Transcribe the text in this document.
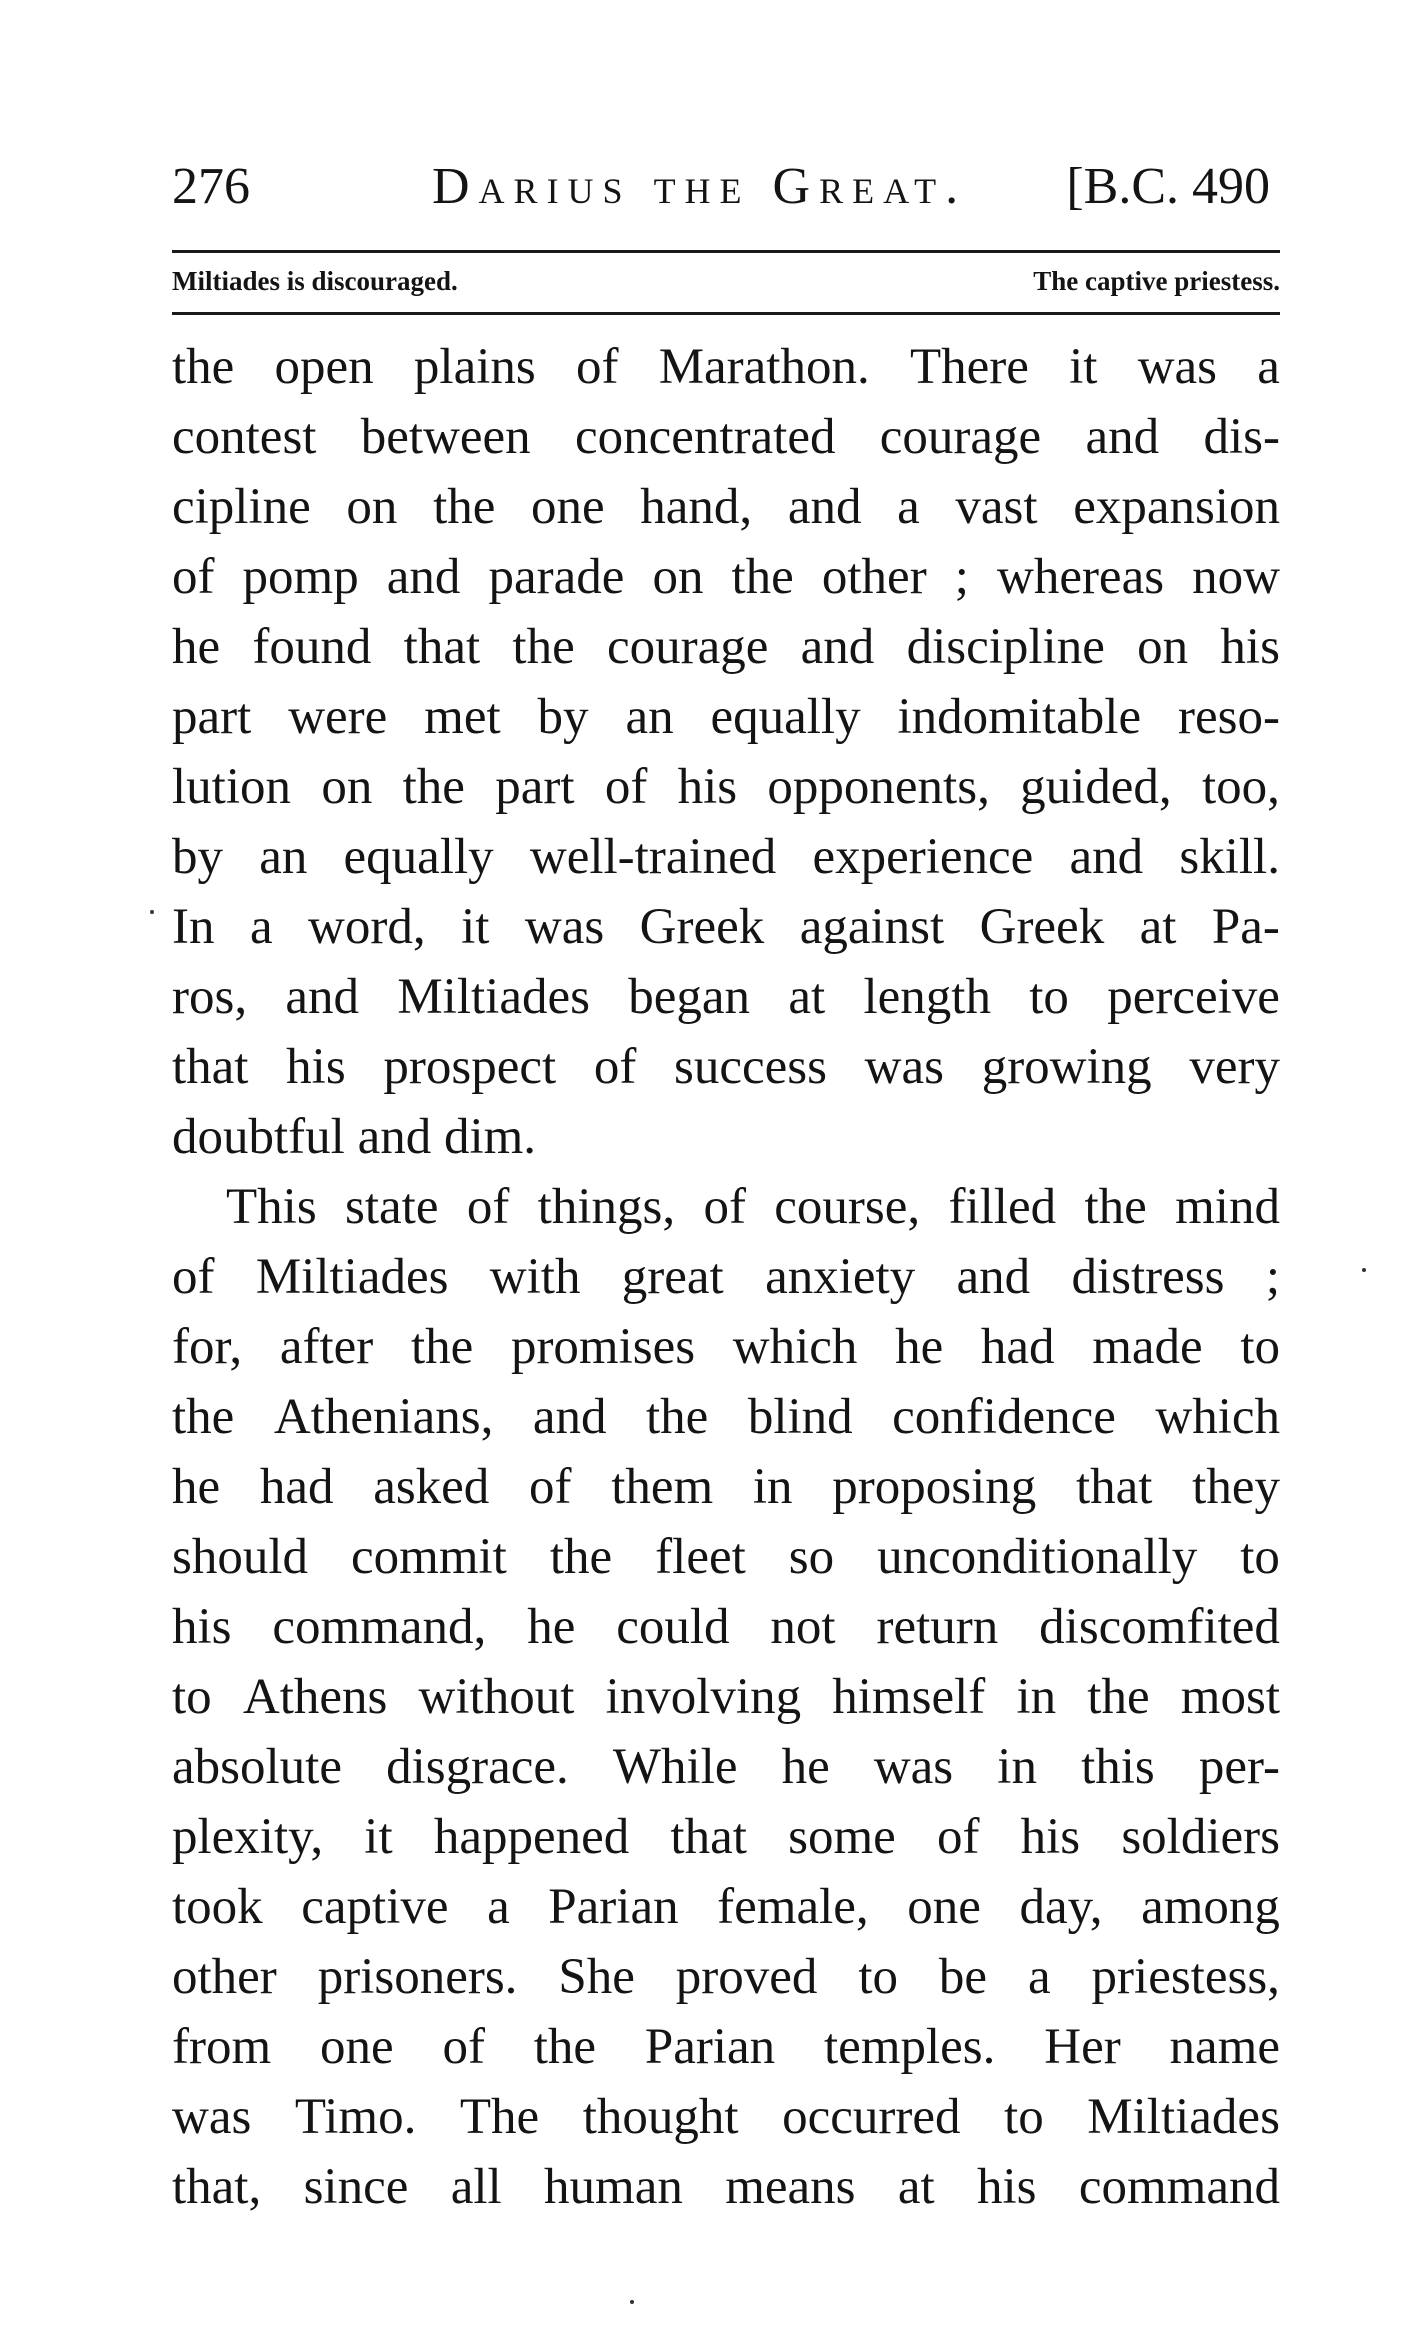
276	Darius the Great. [B.C. 490
Miltiades is discouraged.	The captive priestess.
the open plains of Marathon. There it was a
contest between concentrated courage and dis-
cipline on the one hand, and a vast expansion
of pomp and parade on the other ; whereas now
he found that the courage and discipline on his
part were met by an equally indomitable reso-
lution on the part of his opponents, guided, too,
by an equally well-trained experience and skill.
In a word, it was Greek against Greek at Pa-
ros, and Miltiades began at length to perceive
that his prospect of success was growing very
doubtful and dim.
This state of things, of course, filled the mind
of Miltiades with great anxiety and distress ;
for, after the promises which he had made to
the Athenians, and the blind confidence which
he had asked of them in proposing that they
should commit the fleet so unconditionally to
his command, he could not return discomfited
to Athens without involving himself in the most
absolute disgrace. While he was in this per-
plexity, it happened that some of his soldiers
took captive a Parian female, one day, among
other prisoners. She proved to be a priestess,
from one of the Parian temples. Her name
was Timo. The thought occurred to Miltiades
that, since all human means at his command
